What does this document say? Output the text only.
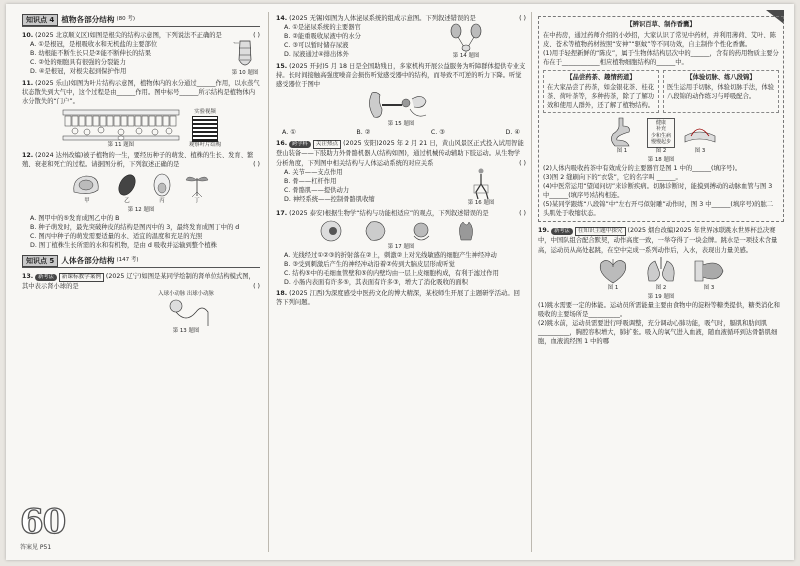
知识点 4 植物各部分结构 (80 考)
10. (2025 北京顺义区)如图是根尖的结构示意图，下列说法不正确的是	( )
A. ①是根冠，是根吸收水和无机盐的主要部位
B. 幼根能不断生长只是②能不断伸长的结果
C. ②处的细胞具有很强的分裂能力
D. ④是根冠，对根尖起到保护作用	第 10 题图
11. (2025 乐山)如图为叶片结构示意图，植物体内的水分通过______作用，以水蒸气状态散失到大气中，这个过程是由______作用。图中标号______所示结构是植物体内水分散失的“门户”。
第 11 题图
实验视频
观察叶片结构
12. (2024 达州改编)被子植物的一生，要经历种子的萌发、植株的生长、发育、繁殖、衰老和死亡的过程。请据图分析，下列叙述正确的是	( )
甲	乙	丙	丁
第 12 题图
A. 图甲中的⑤发育成图乙中的 B
B. 种子萌发时，最先突破种皮的结构是图丙中的 3，最终发育成图丁中的 d
C. 图丙中种子的萌发需要适量的水、适宜的温度和充足的光照
D. 图丁植株生长所需的水和有机物，是由 d 吸收并运输到整个植株
知识点 5 人体各部分结构 (147 考)
13. 新考法 新课标教学案例 (2025 辽宁)如图是某同学绘制的肾单位结构模式图，其中表示肾小球的是	( )
入球小动脉 出球小动脉
第 13 题图
60
答案见 P51
14. (2025 无锡)如图为人体泌尿系统的组成示意图。下列叙述错误的是	( )
A. ①是泌尿系统的主要器官
B. ②能重吸收尿液中的水分
C. ③可以暂时储存尿液
D. 尿液通过④排出体外	第 14 题图
15. (2025 开封)5 月 18 日是全国助残日，多家机构开展公益服务为听障群体提供专业支持。长时间接触高强度噪音会损伤听觉感受器中的结构，而导致不可逆的听力下降。听觉感受器位于图中
第 15 题图
A. ①	B. ②	C. ③	D. ④
16. 跨学科 关注热点 (2025 安阳)2025 年 2 月 21 日，黄山风景区正式投入试用智能登山装备——下肢助力外骨骼机器人(结构如图)，通过机械传动辅助下肢运动。从生物学分析角度，下列图中相关结构与人体运动系统的对应关系	( )
A. 关节——支点作用
B. 骨——杠杆作用
C. 骨骼肌——提供动力
D. 神经系统——控制骨骼肌收缩	第 16 题图
17. (2025 泰安)根据生物学“结构与功能相适应”的观点，下列叙述错误的是	( )
第 17 题图
A. 光线经过①②③的折射落在②上，刺激②上对光线敏感的细胞产生神经冲动
B. ③受到刺激后产生的神经冲动沿着②传到大脑皮层形成听觉
C. 结构⑤中的毛细血管壁和⑤的内壁均由一层上皮细胞构成，有利于滤过作用
D. 小肠内表面有许多⑤，其表面有许多③，增大了消化吸收的面积
18. (2025 江西)为深度感受中医药文化的博大精深，某校师生开展了主题研学活动。回答下列问题。
【辨识百草、制作香囊】
在中药房，通过药师介绍的小妙招，大家认识了常见中药材，并利用薄荷、艾叶、陈皮、苍术等植物药材按照“安神”“驱蚊”等不同功效，自主制作个性化香囊。
(1)用手轻捏新鲜的“陈皮”，属于生物体结构层次中的______，含有的药用物质主要分布在于____________相应植物细胞结构的______中。
【品尝药茶、趣情药道】
在大家品尝了药茶，如金银花茶、桂花茶、荷叶茶等，多种药茶，除了了解功效和使用人群外，还了解了植物结构。
【体验切脉、练八段锦】
医生运用手切脉，体验切脉手法，体验八段锦的动作练习与呼吸配合。
图 1
健康
补充
少和生病
慢慢起步
图 2	图 3
第 18 题图
(2)人体内吸收药茶中有效成分的主要器官是图 1 中的______(填序号)。
(3)图 2 缝刷向下的“衣袋”，它的名字叫 ______。
(4)中医常运用“望闻问切”来诊断疾病。切脉诊断时，能摸到搏动的动脉血管与图 3 中______(填序号)结构相连。
(5)某同学跟练“八段锦”中“左右开弓似射雕”动作时，图 3 中______(填序号)的肱二头肌处于收缩状态。
19. 新考法 在知识主题中探究 (2025 烟台改编)2025 年世界冰联跳水世界杯总决赛中，中国队组合配合默契，动作高度一致，一举夺得了一块金牌。跳水是一项技术含量高，运动员从高处起跳，在空中完成一系列动作后，入水，表现出力量美感。
图 1	图 2	图 3
第 19 题图
(1)跳水需要一定的体能。运动员所需能量主要由食物中的淀粉等糖类提供，糖类消化和吸收的主要场所是__________。
(2)跳水前，运动员需要进行呼吸调整，充分调动心肺功能，吸气时，膈肌和肋间肌__________，胸腔容积增大，肺扩张。吸入的氧气进入血液，随血液循环到达骨骼肌细胞，血液流经图 1 中的哪
